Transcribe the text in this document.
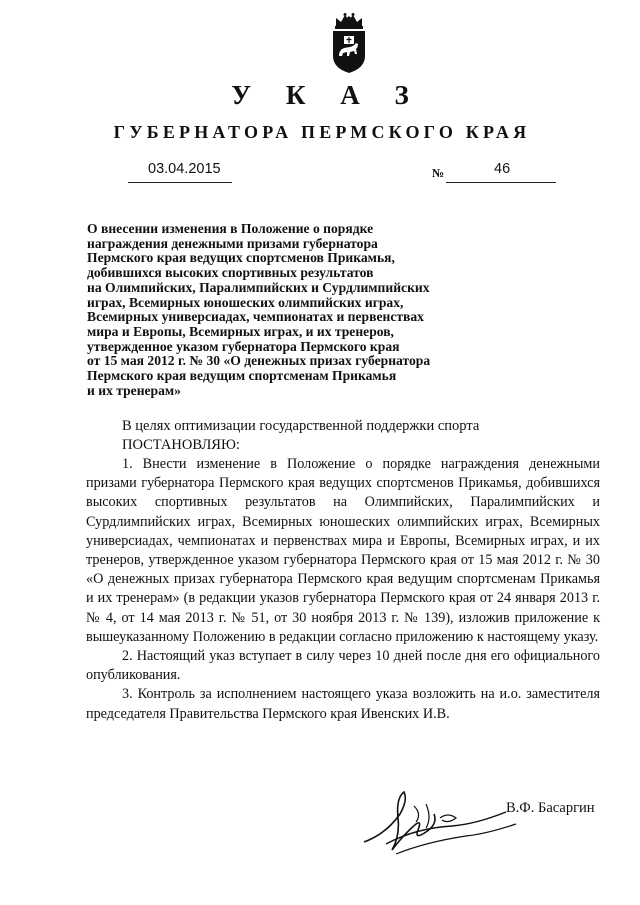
У К А З
ГУБЕРНАТОРА ПЕРМСКОГО КРАЯ
03.04.2015	№	46
О внесении изменения в Положение о порядке
награждения денежными призами губернатора
Пермского края ведущих спортсменов Прикамья,
добившихся высоких спортивных результатов
на Олимпийских, Паралимпийских и Сурдлимпийских
играх, Всемирных юношеских олимпийских играх,
Всемирных универсиадах, чемпионатах и первенствах
мира и Европы, Всемирных играх, и их тренеров,
утвержденное указом губернатора Пермского края
от 15 мая 2012 г. № 30 «О денежных призах губернатора
Пермского края ведущим спортсменам Прикамья
и их тренерам»
В целях оптимизации государственной поддержки спорта
ПОСТАНОВЛЯЮ:

1. Внести изменение в Положение о порядке награждения денежными призами губернатора Пермского края ведущих спортсменов Прикамья, добившихся высоких спортивных результатов на Олимпийских, Паралимпийских и Сурдлимпийских играх, Всемирных юношеских олимпийских играх, Всемирных универсиадах, чемпионатах и первенствах мира и Европы, Всемирных играх, и их тренеров, утвержденное указом губернатора Пермского края от 15 мая 2012 г. № 30 «О денежных призах губернатора Пермского края ведущим спортсменам Прикамья и их тренерам» (в редакции указов губернатора Пермского края от 24 января 2013 г. № 4, от 14 мая 2013 г. № 51, от 30 ноября 2013 г. № 139), изложив приложение к вышеуказанному Положению в редакции согласно приложению к настоящему указу.

2. Настоящий указ вступает в силу через 10 дней после дня его официального опубликования.

3. Контроль за исполнением настоящего указа возложить на и.о. заместителя председателя Правительства Пермского края Ивенских И.В.

В.Ф. Басаргин
